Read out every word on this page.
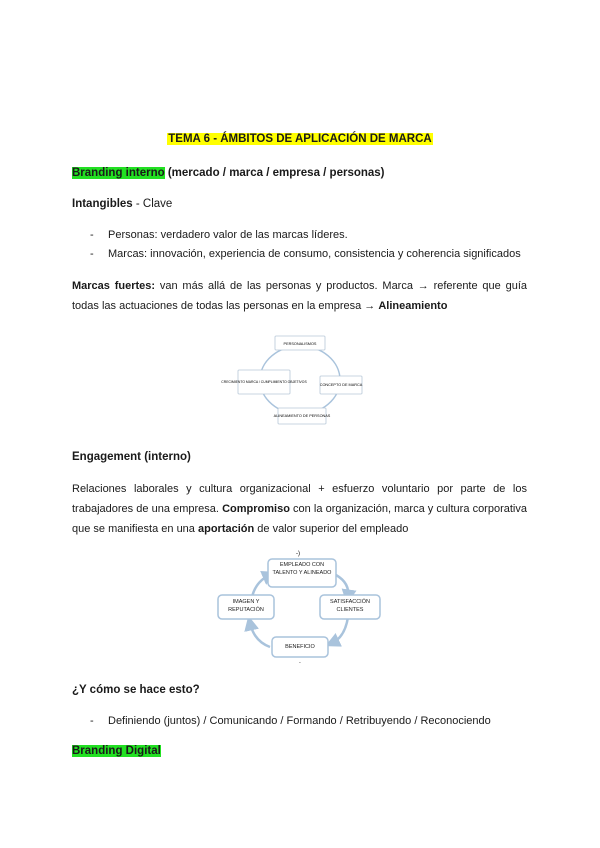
TEMA 6 - ÁMBITOS DE APLICACIÓN DE MARCA
Branding interno (mercado / marca / empresa / personas)
Intangibles - Clave
- Personas: verdadero valor de las marcas líderes.
- Marcas: innovación, experiencia de consumo, consistencia y coherencia significados
Marcas fuertes: van más allá de las personas y productos. Marca → referente que guía todas las actuaciones de todas las personas en la empresa → Alineamiento
PERSONALISMOS
CONCEPTO DE MARCA
ALINEAMIENTO DE PERSONAS
CRECIMIENTO MARCA / CUMPLIMIENTO OBJETIVOS
Engagement (interno)
Relaciones laborales y cultura organizacional + esfuerzo voluntario por parte de los trabajadores de una empresa. Compromiso con la organización, marca y cultura corporativa que se manifiesta en una aportación de valor superior del empleado
-)
EMPLEADO CON TALENTO Y ALINEADO
SATISFACCIÓN CLIENTES
BENEFICIO
IMAGEN Y REPUTACIÓN
`
¿Y cómo se hace esto?
- Definiendo (juntos) / Comunicando / Formando / Retribuyendo / Reconociendo
Branding Digital
